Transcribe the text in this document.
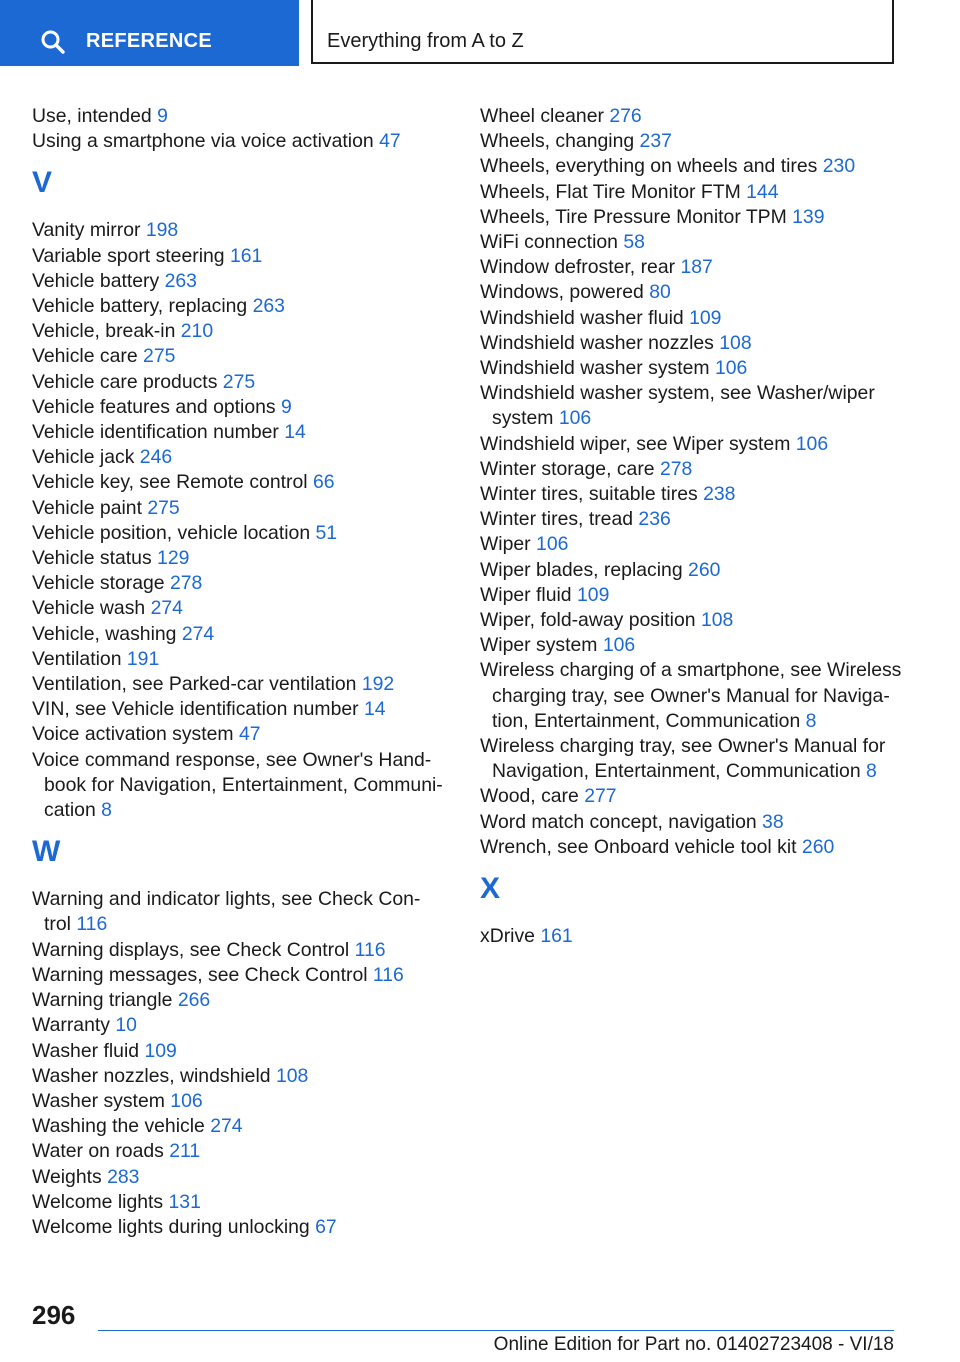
REFERENCE	Everything from A to Z
Use, intended 9
Using a smartphone via voice activation 47
V
Vanity mirror 198
Variable sport steering 161
Vehicle battery 263
Vehicle battery, replacing 263
Vehicle, break-in 210
Vehicle care 275
Vehicle care products 275
Vehicle features and options 9
Vehicle identification number 14
Vehicle jack 246
Vehicle key, see Remote control 66
Vehicle paint 275
Vehicle position, vehicle location 51
Vehicle status 129
Vehicle storage 278
Vehicle wash 274
Vehicle, washing 274
Ventilation 191
Ventilation, see Parked-car ventilation 192
VIN, see Vehicle identification number 14
Voice activation system 47
Voice command response, see Owner's Hand-
book for Navigation, Entertainment, Communi-
cation 8
W
Warning and indicator lights, see Check Con-
trol 116
Warning displays, see Check Control 116
Warning messages, see Check Control 116
Warning triangle 266
Warranty 10
Washer fluid 109
Washer nozzles, windshield 108
Washer system 106
Washing the vehicle 274
Water on roads 211
Weights 283
Welcome lights 131
Welcome lights during unlocking 67
Wheel cleaner 276
Wheels, changing 237
Wheels, everything on wheels and tires 230
Wheels, Flat Tire Monitor FTM 144
Wheels, Tire Pressure Monitor TPM 139
WiFi connection 58
Window defroster, rear 187
Windows, powered 80
Windshield washer fluid 109
Windshield washer nozzles 108
Windshield washer system 106
Windshield washer system, see Washer/wiper
system 106
Windshield wiper, see Wiper system 106
Winter storage, care 278
Winter tires, suitable tires 238
Winter tires, tread 236
Wiper 106
Wiper blades, replacing 260
Wiper fluid 109
Wiper, fold-away position 108
Wiper system 106
Wireless charging of a smartphone, see Wireless
charging tray, see Owner's Manual for Naviga-
tion, Entertainment, Communication 8
Wireless charging tray, see Owner's Manual for
Navigation, Entertainment, Communication 8
Wood, care 277
Word match concept, navigation 38
Wrench, see Onboard vehicle tool kit 260
X
xDrive 161
296
Online Edition for Part no. 01402723408 - VI/18
